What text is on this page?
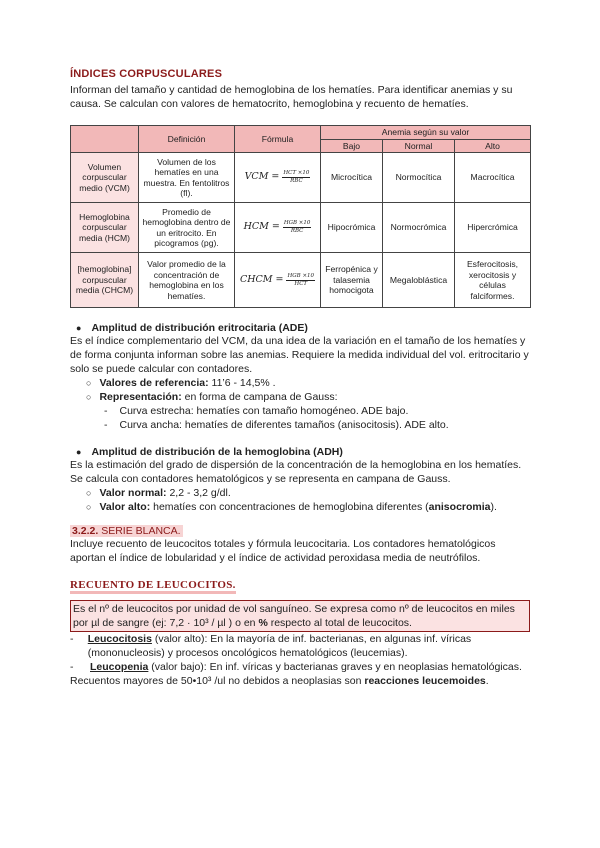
ÍNDICES CORPUSCULARES

Informan del tamaño y cantidad de hemoglobina de los hematíes. Para identificar anemias y su causa. Se calculan con valores de hematocrito, hemoglobina y recuento de hematíes.

	Definición	Fórmula	Anemia según su valor		
			Bajo	Normal	Alto
Volumen corpuscular medio (VCM)	Volumen de los hematíes en una muestra. En fentolitros (fl).	VCM = $\frac{\text{HCT ×10}}{\text{RBC}}$	Microcítica	Normocítica	Macrocítica
Hemoglobina corpuscular media (HCM)	Promedio de hemoglobina dentro de un eritrocito. En picogramos (pg).	HCM = $\frac{\text{HGB ×10}}{\text{RBC}}$	Hipocrómica	Normocrómica	Hipercrómica
[hemoglobina] corpuscular media (CHCM)	Valor promedio de la concentración de hemoglobina en los hematíes.	CHCM = $\frac{\text{HGB ×10}}{\text{HCT}}$	Ferropénica y talasemia homocigota	Megaloblástica	Esferocitosis, xerocitosis y células falciformes.
● Amplitud de distribución eritrocitaria (ADE)

Es el índice complementario del VCM, da una idea de la variación en el tamaño de los hematíes y de forma conjunta informan sobre las anemias. Requiere la medida individual del vol. eritrocitario y solo se puede calcular con contadores.

○ Valores de referencia: 11’6 - 14,5% .
○ Representación: en forma de campana de Gauss:
- Curva estrecha: hematíes con tamaño homogéneo. ADE bajo.
- Curva ancha: hematíes de diferentes tamaños (anisocitosis). ADE alto.
● Amplitud de distribución de la hemoglobina (ADH)

Es la estimación del grado de dispersión de la concentración de la hemoglobina en los hematíes. Se calcula con contadores hematológicos y se representa en campana de Gauss.

○ Valor normal: 2,2 - 3,2 g/dl.
○ Valor alto: hematíes con concentraciones de hemoglobina diferentes (anisocromia).
3.2.2. SERIE BLANCA.

Incluye recuento de leucocitos totales y fórmula leucocitaria. Los contadores hematológicos aportan el índice de lobularidad y el índice de actividad peroxidasa media de neutrófilos.

RECUENTO DE LEUCOCITOS.
Es el nº de leucocitos por unidad de vol sanguíneo. Se expresa como nº de leucocitos en miles por µl de sangre (ej: 7,2 · 10³ / µl ) o en % respecto al total de leucocitos.
- Leucocitosis (valor alto): En la mayoría de inf. bacterianas, en algunas inf. víricas (mononucleosis) y procesos oncológicos hematológicos (leucemias).
- Leucopenia (valor bajo): En inf. víricas y bacterianas graves y en neoplasias hematológicas.

Recuentos mayores de 50•10³ /ul no debidos a neoplasias son reacciones leucemoides.
